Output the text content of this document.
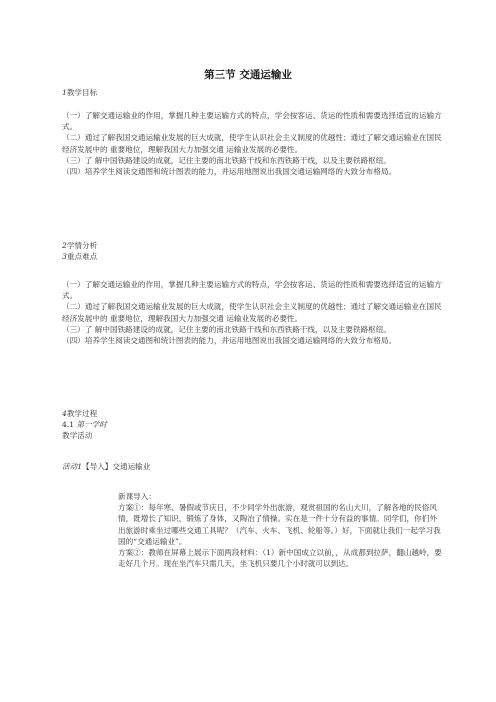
第三节 交通运输业
1教学目标

（一）了解交通运输业的作用，掌握几种主要运输方式的特点，学会按客运、货运的性质和需要选择适宜的运输方式。

（二）通过了解我国交通运输业发展的巨大成就，使学生认识社会主义制度的优越性；通过了解交通运输业在国民经济发展中的 重要地位，理解我国大力加强交通 运输业发展的必要性。

（三）了 解中国铁路建设的成就，记住主要的南北铁路干线和东西铁路干线，以及主要铁路枢纽。

（四）培养学生阅读交通图和统计图表的能力，并运用地图说出我国交通运输网络的大致分布格局。

2学情分析
3重点难点

（一）了解交通运输业的作用，掌握几种主要运输方式的特点，学会按客运、货运的性质和需要选择适宜的运输方式。

（二）通过了解我国交通运输业发展的巨大成就，使学生认识社会主义制度的优越性；通过了解交通运输业在国民经济发展中的 重要地位，理解我国大力加强交通 运输业发展的必要性。

（三）了 解中国铁路建设的成就，记住主要的南北铁路干线和东西铁路干线，以及主要铁路枢纽。

（四）培养学生阅读交通图和统计图表的能力，并运用地图说出我国交通运输网络的大致分布格局。

4教学过程
4.1 第一学时
教学活动
活动1【导入】交通运输业

新课导入：

方案①：每年寒、暑假或节庆日，不少同学外出旅游，观赏祖国的名山大川，了解各地的民俗风情，既增长了知识，锻炼了身体，又陶冶了情操。实在是一件十分有益的事情。同学们，你们外出旅游时乘坐过哪些交通工具呢？（汽车、火车、飞机、轮船等。）好，下面就让我们一起学习我国的“交通运输业”。

方案②：教师在屏幕上展示下面两段材料：（1）新中国成立以前，，从成都到拉萨，翻山越岭，要走好几个月。现在坐汽车只需几天，坐飞机只要几个小时就可以到达。
